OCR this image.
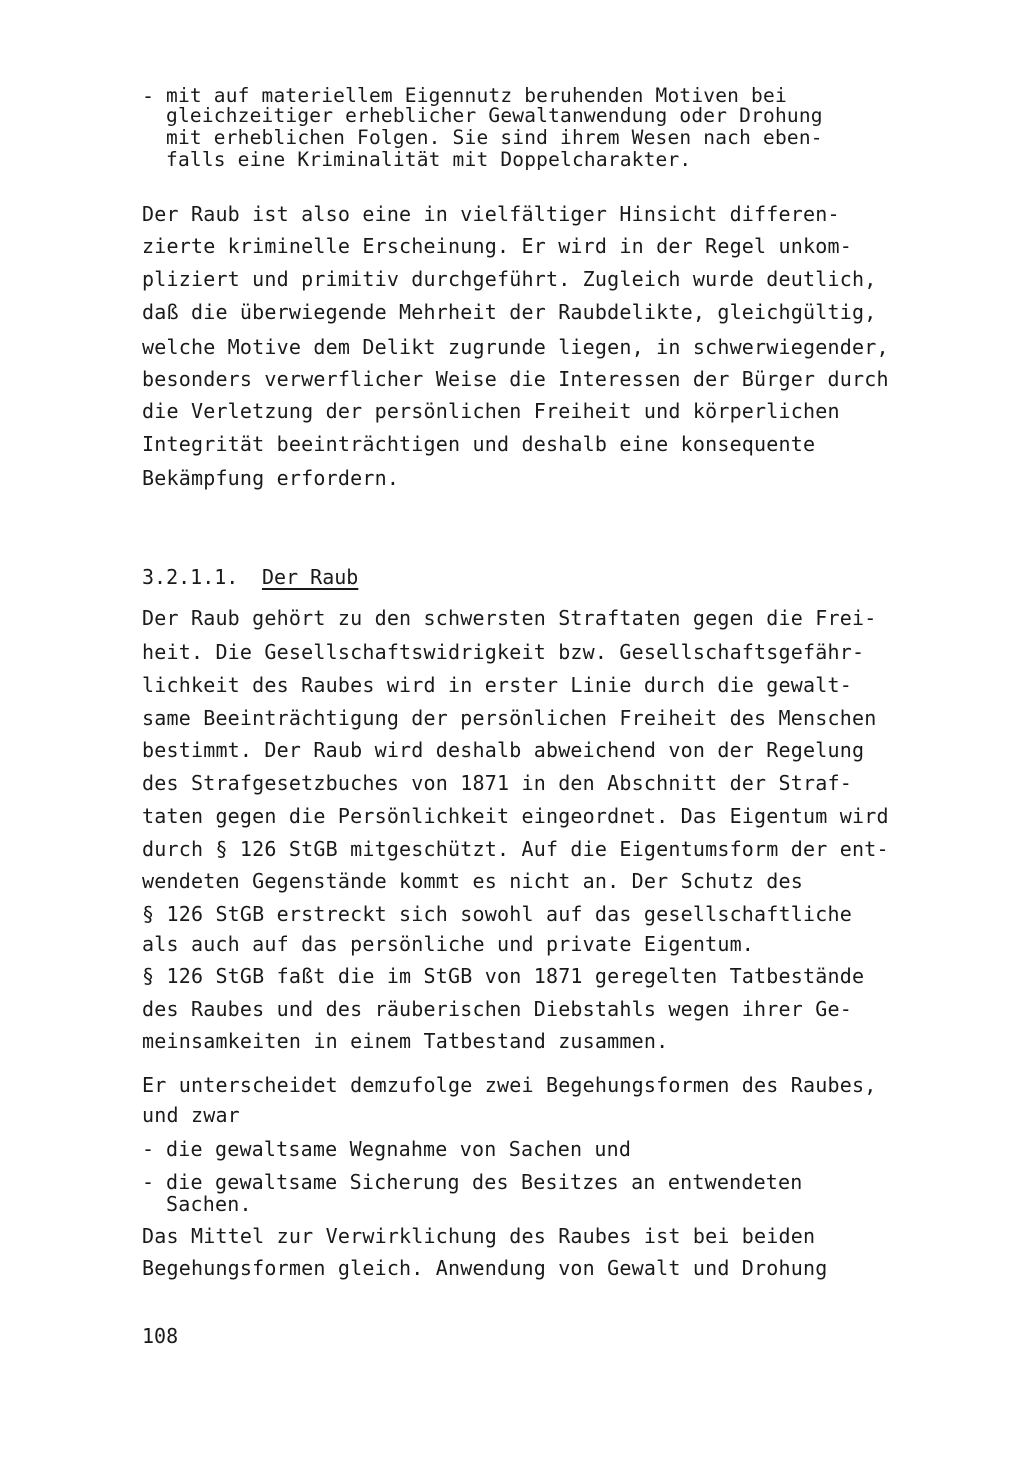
- mit auf materiellem Eigennutz beruhenden Motiven bei
gleichzeitiger erheblicher Gewaltanwendung oder Drohung
mit erheblichen Folgen. Sie sind ihrem Wesen nach eben-
falls eine Kriminalität mit Doppelcharakter.
Der Raub ist also eine in vielfältiger Hinsicht differen-
zierte kriminelle Erscheinung. Er wird in der Regel unkom-
pliziert und primitiv durchgeführt. Zugleich wurde deutlich,
daß die überwiegende Mehrheit der Raubdelikte, gleichgültig,
welche Motive dem Delikt zugrunde liegen, in schwerwiegender,
besonders verwerflicher Weise die Interessen der Bürger durch
die Verletzung der persönlichen Freiheit und körperlichen
Integrität beeinträchtigen und deshalb eine konsequente
Bekämpfung erfordern.
3.2.1.1. Der Raub
Der Raub gehört zu den schwersten Straftaten gegen die Frei-
heit. Die Gesellschaftswidrigkeit bzw. Gesellschaftsgefähr-
lichkeit des Raubes wird in erster Linie durch die gewalt-
same Beeinträchtigung der persönlichen Freiheit des Menschen
bestimmt. Der Raub wird deshalb abweichend von der Regelung
des Strafgesetzbuches von 1871 in den Abschnitt der Straf-
taten gegen die Persönlichkeit eingeordnet. Das Eigentum wird
durch § 126 StGB mitgeschützt. Auf die Eigentumsform der ent-
wendeten Gegenstände kommt es nicht an. Der Schutz des
§ 126 StGB erstreckt sich sowohl auf das gesellschaftliche
als auch auf das persönliche und private Eigentum.
§ 126 StGB faßt die im StGB von 1871 geregelten Tatbestände
des Raubes und des räuberischen Diebstahls wegen ihrer Ge-
meinsamkeiten in einem Tatbestand zusammen.
Er unterscheidet demzufolge zwei Begehungsformen des Raubes,
und zwar
- die gewaltsame Wegnahme von Sachen und
- die gewaltsame Sicherung des Besitzes an entwendeten
Sachen.
Das Mittel zur Verwirklichung des Raubes ist bei beiden
Begehungsformen gleich. Anwendung von Gewalt und Drohung
108
